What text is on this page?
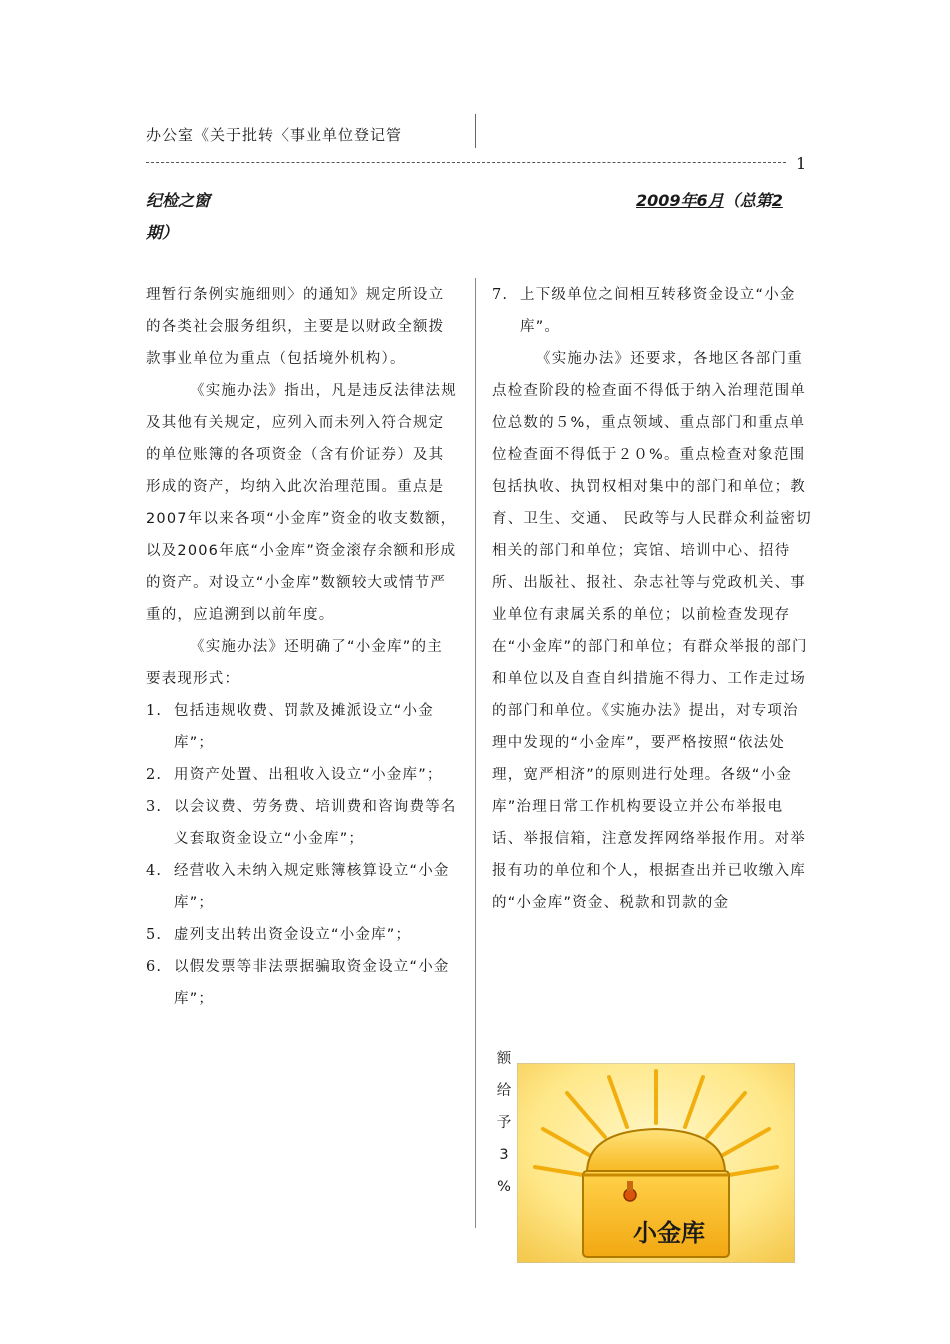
办公室《关于批转〈事业单位登记管
1
纪检之窗	2009年6月（总第2
期）

理暂行条例实施细则〉的通知》规定所设立的各类社会服务组织，主要是以财政全额拨款事业单位为重点（包括境外机构）。

《实施办法》指出，凡是违反法律法规及其他有关规定，应列入而未列入符合规定的单位账簿的各项资金（含有价证券）及其形成的资产，均纳入此次治理范围。重点是2007年以来各项“小金库”资金的收支数额，以及2006年底“小金库”资金滚存余额和形成的资产。对设立“小金库”数额较大或情节严重的，应追溯到以前年度。

《实施办法》还明确了“小金库”的主要表现形式：

1. 包括违规收费、罚款及摊派设立“小金库”；
2. 用资产处置、出租收入设立“小金库”；
3. 以会议费、劳务费、培训费和咨询费等名义套取资金设立“小金库”；
4. 经营收入未纳入规定账簿核算设立“小金库”；
5. 虚列支出转出资金设立“小金库”；
6. 以假发票等非法票据骗取资金设立“小金库”；
7. 上下级单位之间相互转移资金设立“小金库”。

《实施办法》还要求，各地区各部门重点检查阶段的检查面不得低于纳入治理范围单位总数的５%，重点领域、重点部门和重点单位检查面不得低于２０%。重点检查对象范围包括执收、执罚权相对集中的部门和单位；教育、卫生、交通、 民政等与人民群众利益密切相关的部门和单位；宾馆、培训中心、招待所、出版社、报社、杂志社等与党政机关、事业单位有隶属关系的单位；以前检查发现存在“小金库”的部门和单位；有群众举报的部门和单位以及自查自纠措施不得力、工作走过场的部门和单位。《实施办法》提出，对专项治理中发现的“小金库”，要严格按照“依法处理，宽严相济”的原则进行处理。各级“小金库”治理日常工作机构要设立并公布举报电话、举报信箱，注意发挥网络举报作用。对举报有功的单位和个人，根据查出并已收缴入库的“小金库”资金、税款和罚款的金

额
给
予
3
%
小金库
